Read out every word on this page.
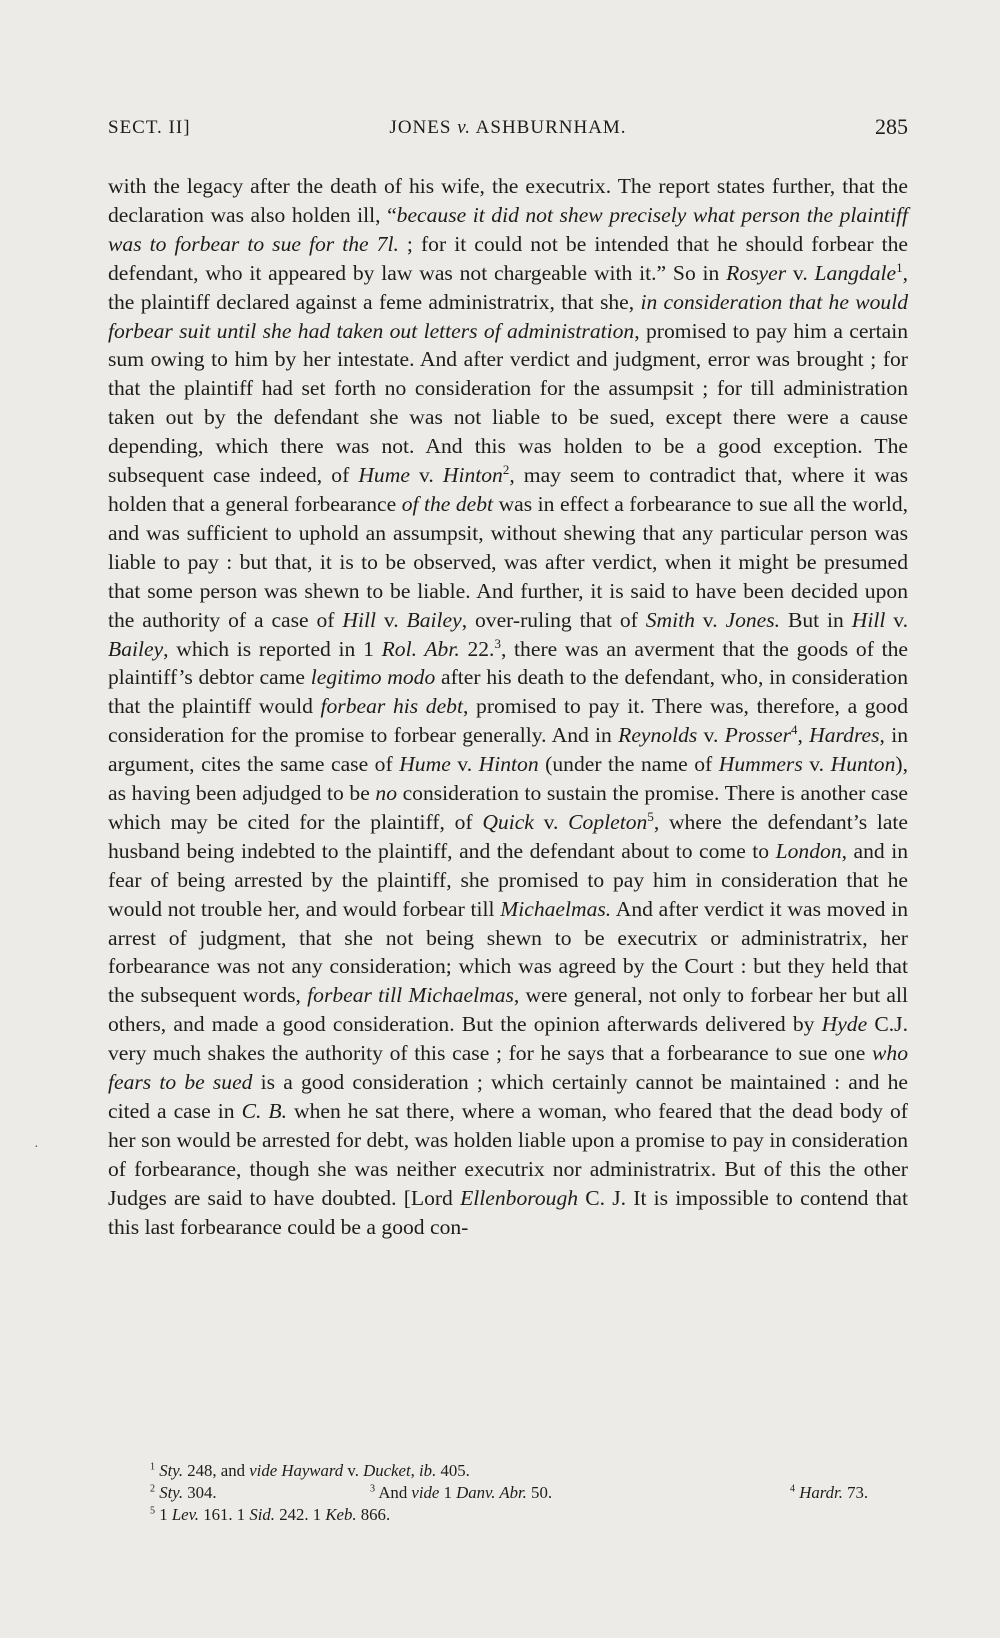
SECT. II]	JONES v. ASHBURNHAM.	285

with the legacy after the death of his wife, the executrix. The report states further, that the declaration was also holden ill, “because it did not shew precisely what person the plaintiff was to forbear to sue for the 7l. ; for it could not be intended that he should forbear the defendant, who it appeared by law was not chargeable with it.” So in Rosyer v. Langdale$^1$, the plaintiff declared against a feme administratrix, that she, in consideration that he would forbear suit until she had taken out letters of administration, promised to pay him a certain sum owing to him by her intestate. And after verdict and judgment, error was brought ; for that the plaintiff had set forth no consideration for the assumpsit ; for till administration taken out by the defendant she was not liable to be sued, except there were a cause depending, which there was not. And this was holden to be a good exception. The subsequent case indeed, of Hume v. Hinton$^2$, may seem to contradict that, where it was holden that a general forbearance of the debt was in effect a forbearance to sue all the world, and was sufficient to uphold an assumpsit, without shewing that any particular person was liable to pay : but that, it is to be observed, was after verdict, when it might be presumed that some person was shewn to be liable. And further, it is said to have been decided upon the authority of a case of Hill v. Bailey, over-ruling that of Smith v. Jones. But in Hill v. Bailey, which is reported in 1 Rol. Abr. 22.$^3$, there was an averment that the goods of the plaintiff’s debtor came legitimo modo after his death to the defendant, who, in consideration that the plaintiff would forbear his debt, promised to pay it. There was, therefore, a good consideration for the promise to forbear generally. And in Reynolds v. Prosser$^4$, Hardres, in argument, cites the same case of Hume v. Hinton (under the name of Hummers v. Hunton), as having been adjudged to be no consideration to sustain the promise. There is another case which may be cited for the plaintiff, of Quick v. Copleton$^5$, where the defendant’s late husband being indebted to the plaintiff, and the defendant about to come to London, and in fear of being arrested by the plaintiff, she promised to pay him in consideration that he would not trouble her, and would forbear till Michaelmas. And after verdict it was moved in arrest of judgment, that she not being shewn to be executrix or administratrix, her forbearance was not any consideration; which was agreed by the Court : but they held that the subsequent words, forbear till Michaelmas, were general, not only to forbear her but all others, and made a good consideration. But the opinion afterwards delivered by Hyde C.J. very much shakes the authority of this case ; for he says that a forbearance to sue one who fears to be sued is a good consideration ; which certainly cannot be maintained : and he cited a case in C. B. when he sat there, where a woman, who feared that the dead body of her son would be arrested for debt, was holden liable upon a promise to pay in consideration of forbearance, though she was neither executrix nor administratrix. But of this the other Judges are said to have doubted. [Lord Ellenborough C. J. It is impossible to contend that this last forbearance could be a good con-

·
$^1$ Sty. 248, and vide Hayward v. Ducket, ib. 405.
$^2$ Sty. 304.	$^3$ And vide 1 Danv. Abr. 50.	$^4$ Hardr. 73.
$^5$ 1 Lev. 161. 1 Sid. 242. 1 Keb. 866.
